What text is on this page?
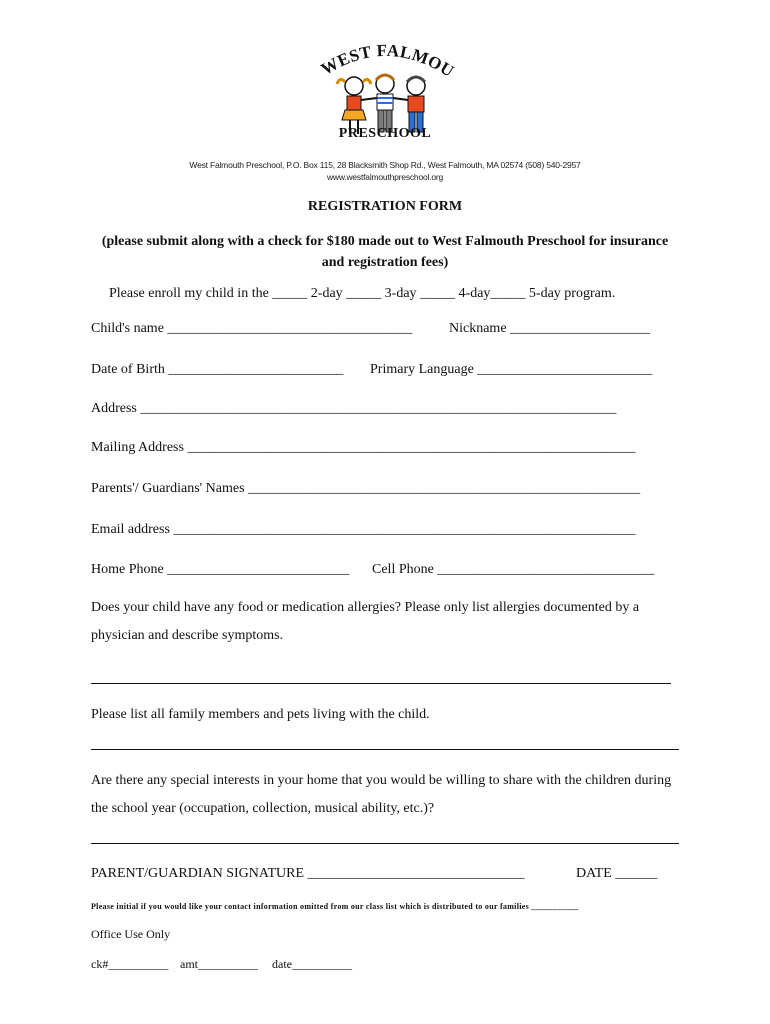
WEST FALMOU
PRESCHOOL
West Falmouth Preschool, P.O. Box 115, 28 Blacksmith Shop Rd., West Falmouth, MA 02574 (508) 540-2957
www.westfalmouthpreschool.org
REGISTRATION FORM
(please submit along with a check for $180 made out to West Falmouth Preschool for insurance and registration fees)
Please enroll my child in the _____ 2-day _____ 3-day _____ 4-day_____ 5-day program.
Child's name ___________________________________	Nickname ____________________
Date of Birth _________________________ Primary Language _________________________
Address ____________________________________________________________________
Mailing Address ________________________________________________________________
Parents'/ Guardians' Names ________________________________________________________
Email address __________________________________________________________________
Home Phone __________________________ Cell Phone _______________________________
Does your child have any food or medication allergies? Please only list allergies documented by a physician and describe symptoms.
Please list all family members and pets living with the child.
Are there any special interests in your home that you would be willing to share with the children during the school year (occupation, collection, musical ability, etc.)?
PARENT/GUARDIAN SIGNATURE _______________________________	DATE ______
Please initial if you would like your contact information omitted from our class list which is distributed to our families ___________
Office Use Only
ck#__________ amt__________ date__________
